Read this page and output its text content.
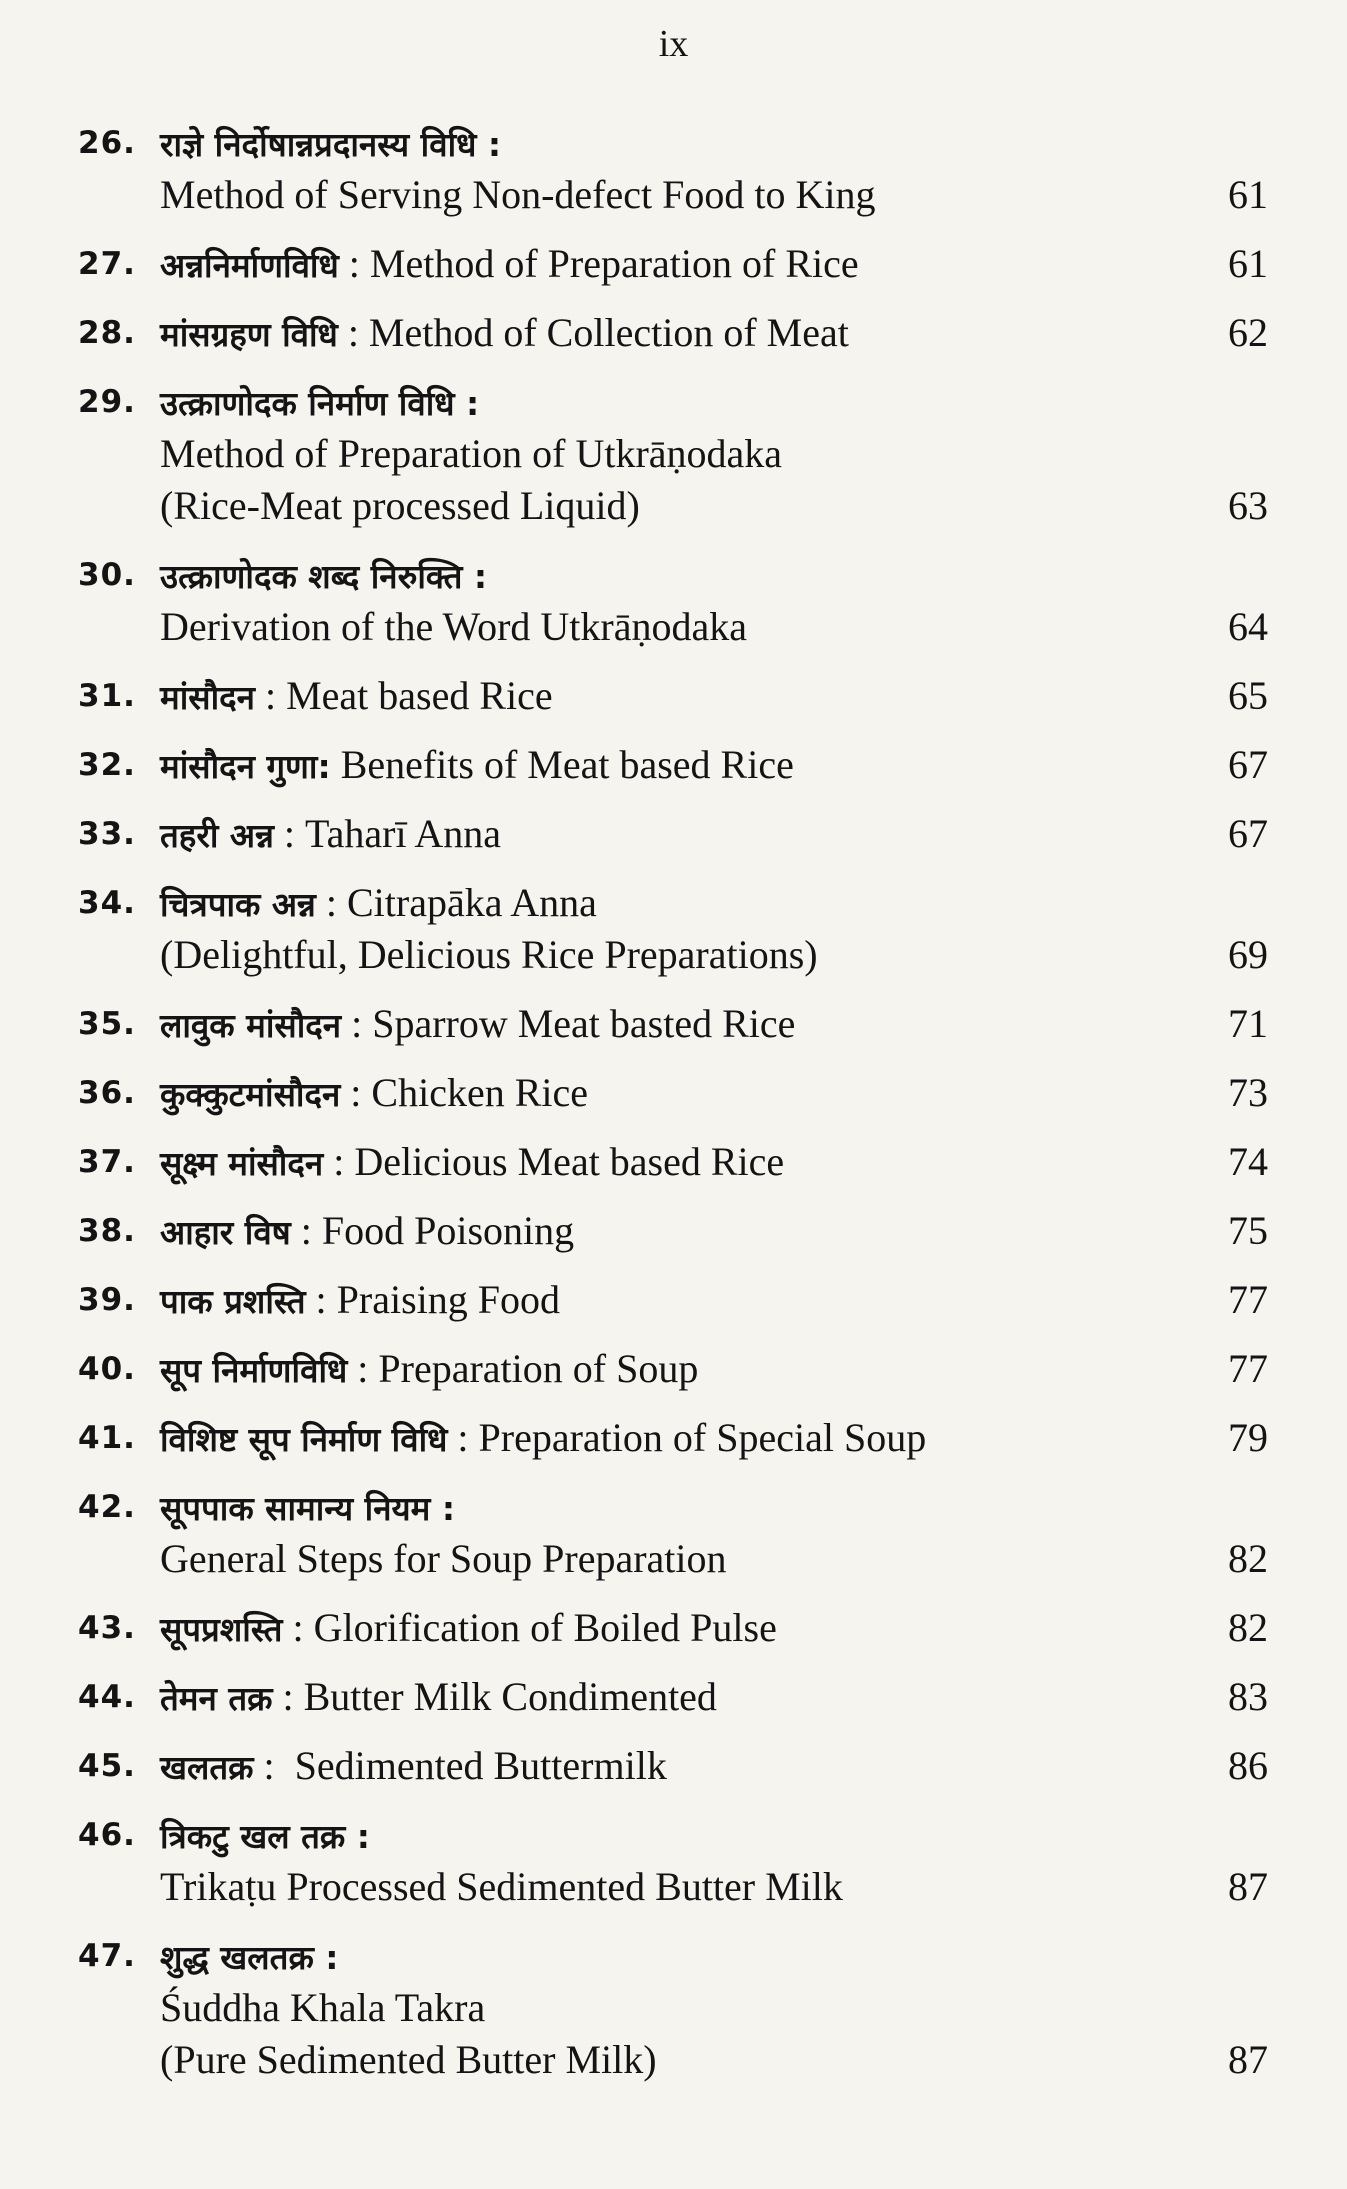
ix
26. राज्ञे निर्दोषान्नप्रदानस्य विधि :
Method of Serving Non-defect Food to King	61
27. अन्ननिर्माणविधि : Method of Preparation of Rice	61
28. मांसग्रहण विधि : Method of Collection of Meat	62
29. उत्क्राणोदक निर्माण विधि :
Method of Preparation of Utkrāṇodaka
(Rice-Meat processed Liquid)	63
30. उत्क्राणोदक शब्द निरुक्ति :
Derivation of the Word Utkrāṇodaka	64
31. मांसौदन : Meat based Rice	65
32. मांसौदन गुणा: Benefits of Meat based Rice	67
33. तहरी अन्न : Taharī Anna	67
34. चित्रपाक अन्न : Citrapāka Anna
(Delightful, Delicious Rice Preparations)	69
35. लावुक मांसौदन : Sparrow Meat basted Rice	71
36. कुक्कुटमांसौदन : Chicken Rice	73
37. सूक्ष्म मांसौदन : Delicious Meat based Rice	74
38. आहार विष : Food Poisoning	75
39. पाक प्रशस्ति : Praising Food	77
40. सूप निर्माणविधि : Preparation of Soup	77
41. विशिष्ट सूप निर्माण विधि : Preparation of Special Soup	79
42. सूपपाक सामान्य नियम :
General Steps for Soup Preparation	82
43. सूपप्रशस्ति : Glorification of Boiled Pulse	82
44. तेमन तक्र : Butter Milk Condimented	83
45. खलतक्र :  Sedimented Buttermilk	86
46. त्रिकटु खल तक्र :
Trikaṭu Processed Sedimented Butter Milk	87
47. शुद्ध खलतक्र :
Śuddha Khala Takra
(Pure Sedimented Butter Milk)	87
